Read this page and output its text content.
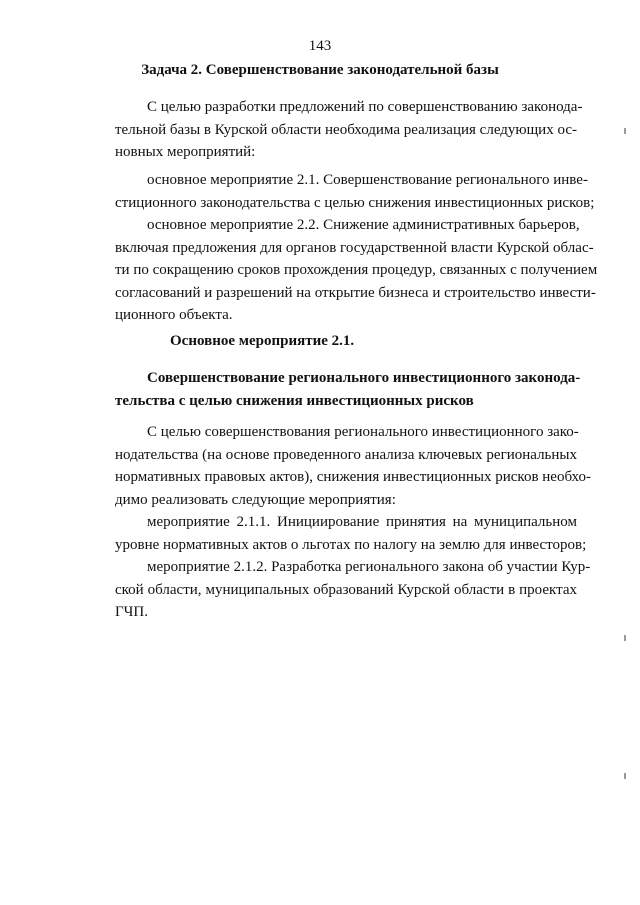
143
Задача 2. Совершенствование законодательной базы
С целью разработки предложений по совершенствованию законода-
тельной базы в Курской области необходима реализация следующих ос-
новных мероприятий:
основное мероприятие 2.1. Совершенствование регионального инве-
стиционного законодательства с целью снижения инвестиционных рисков;
основное мероприятие 2.2. Снижение административных барьеров,
включая предложения для органов государственной власти Курской облас-
ти по сокращению сроков прохождения процедур, связанных с получением
согласований и разрешений на открытие бизнеса и строительство инвести-
ционного объекта.
Основное мероприятие 2.1.
Совершенствование регионального инвестиционного законода-
тельства с целью снижения инвестиционных рисков
С целью совершенствования регионального инвестиционного зако-
нодательства (на основе проведенного анализа ключевых региональных
нормативных правовых актов), снижения инвестиционных рисков необхо-
димо реализовать следующие мероприятия:
мероприятие 2.1.1. Инициирование принятия на муниципальном
уровне нормативных актов о льготах по налогу на землю для инвесторов;
мероприятие 2.1.2. Разработка регионального закона об участии Кур-
ской области, муниципальных образований Курской области в проектах
ГЧП.
